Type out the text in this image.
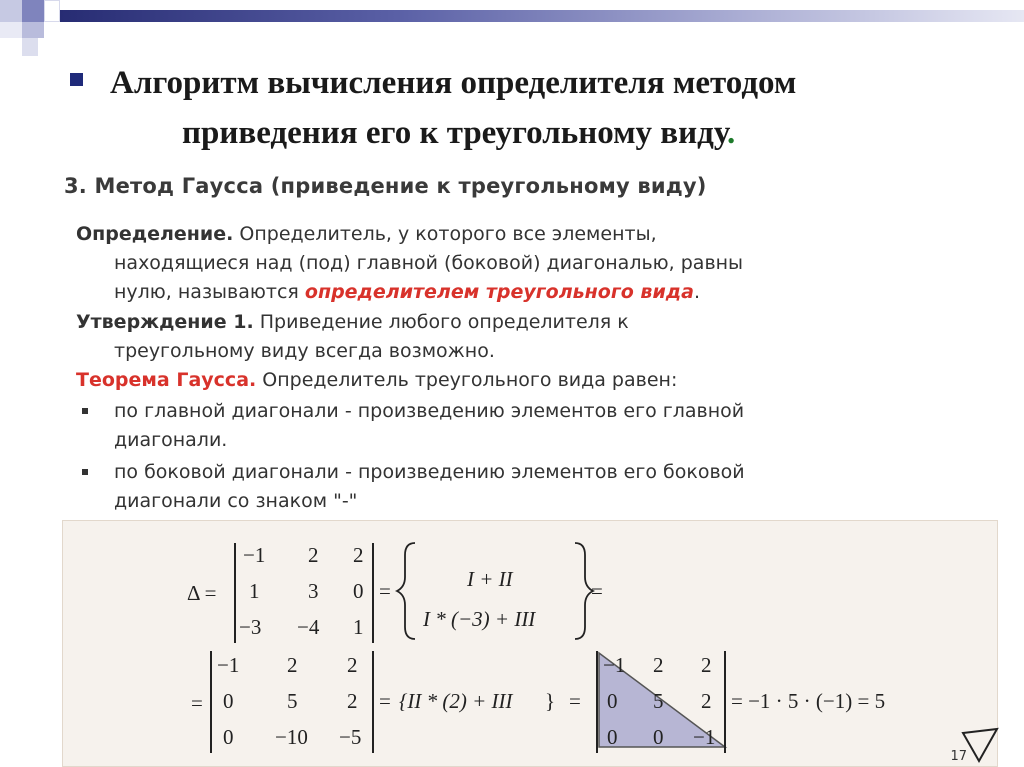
Алгоритм вычисления определителя методом
приведения его к треугольному виду.
3. Метод Гаусса (приведение к треугольному виду)
Определение. Определитель, у которого все элементы,
находящиеся над (под) главной (боковой) диагональю, равны
нулю, называются определителем треугольного вида.
Утверждение 1. Приведение любого определителя к
треугольному виду всегда возможно.
Теорема Гаусса. Определитель треугольного вида равен:
по главной диагонали - произведению элементов его главной
диагонали.
по боковой диагонали - произведению элементов его боковой
диагонали со знаком "-"
Δ =
−1 2 2
1 3 0
−3 −4 1
=	I + II
I * (−3) + III
=
=
−1 2 2
0	5 2
0 −10 −5
= {II * (2) + III } =
−1 2 2
0 5 2
0 0 −1
= −1 · 5 · (−1) = 5
17
